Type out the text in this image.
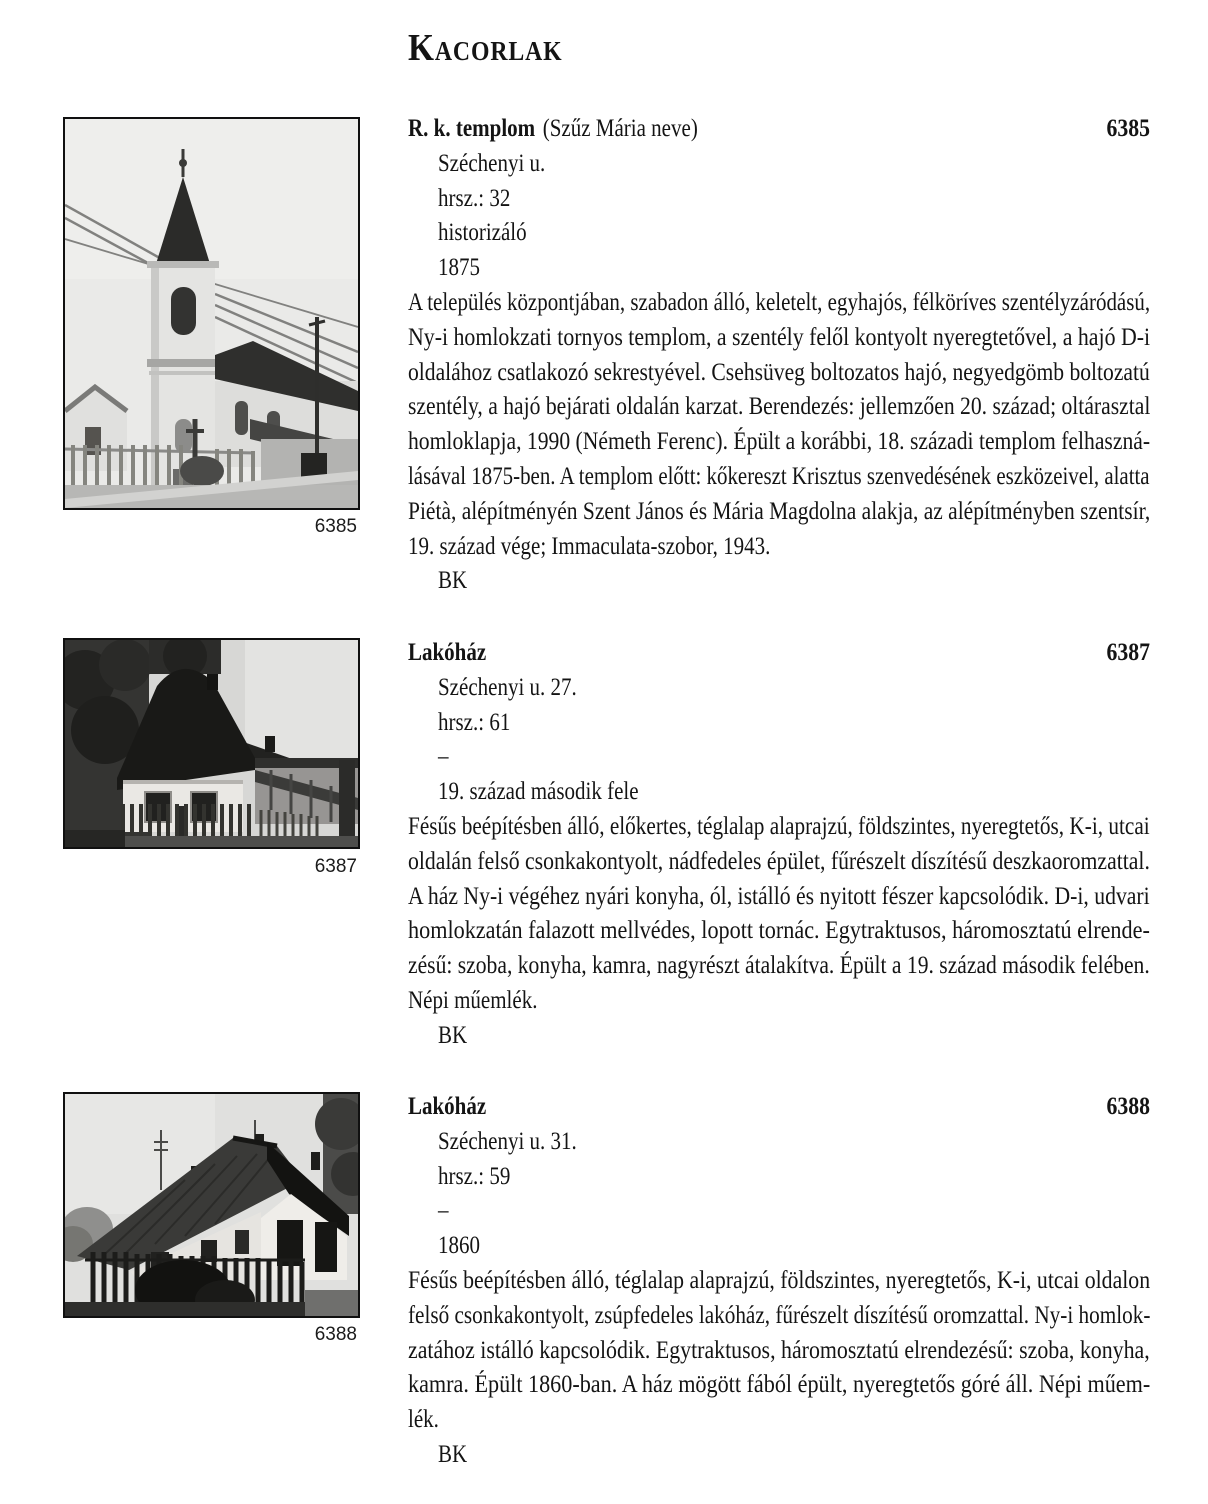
Kacorlak
6385
6387
6388
R. k. templom (Szűz Mária neve)	6385
Széchenyi u.
hrsz.: 32
historizáló
1875
A település központjában, szabadon álló, keletelt, egyhajós, félköríves szentélyzáródású,
Ny-i homlokzati tornyos templom, a szentély felől kontyolt nyeregtetővel, a hajó D-i
oldalához csatlakozó sekrestyével. Csehsüveg boltozatos hajó, negyedgömb boltozatú
szentély, a hajó bejárati oldalán karzat. Berendezés: jellemzően 20. század; oltárasztal
homloklapja, 1990 (Németh Ferenc). Épült a korábbi, 18. századi templom felhaszná-
lásával 1875-ben. A templom előtt: kőkereszt Krisztus szenvedésének eszközeivel, alatta
Piétà, alépítményén Szent János és Mária Magdolna alakja, az alépítményben szentsír,
19. század vége; Immaculata-szobor, 1943.
BK
Lakóház	6387
Széchenyi u. 27.
hrsz.: 61
–
19. század második fele
Fésűs beépítésben álló, előkertes, téglalap alaprajzú, földszintes, nyeregtetős, K-i, utcai
oldalán felső csonkakontyolt, nádfedeles épület, fűrészelt díszítésű deszkaoromzattal.
A ház Ny-i végéhez nyári konyha, ól, istálló és nyitott fészer kapcsolódik. D-i, udvari
homlokzatán falazott mellvédes, lopott tornác. Egytraktusos, háromosztatú elrende-
zésű: szoba, konyha, kamra, nagyrészt átalakítva. Épült a 19. század második felében.
Népi műemlék.
BK
Lakóház	6388
Széchenyi u. 31.
hrsz.: 59
–
1860
Fésűs beépítésben álló, téglalap alaprajzú, földszintes, nyeregtetős, K-i, utcai oldalon
felső csonkakontyolt, zsúpfedeles lakóház, fűrészelt díszítésű oromzattal. Ny-i homlok-
zatához istálló kapcsolódik. Egytraktusos, háromosztatú elrendezésű: szoba, konyha,
kamra. Épült 1860-ban. A ház mögött fából épült, nyeregtetős góré áll. Népi műem-
lék.
BK
